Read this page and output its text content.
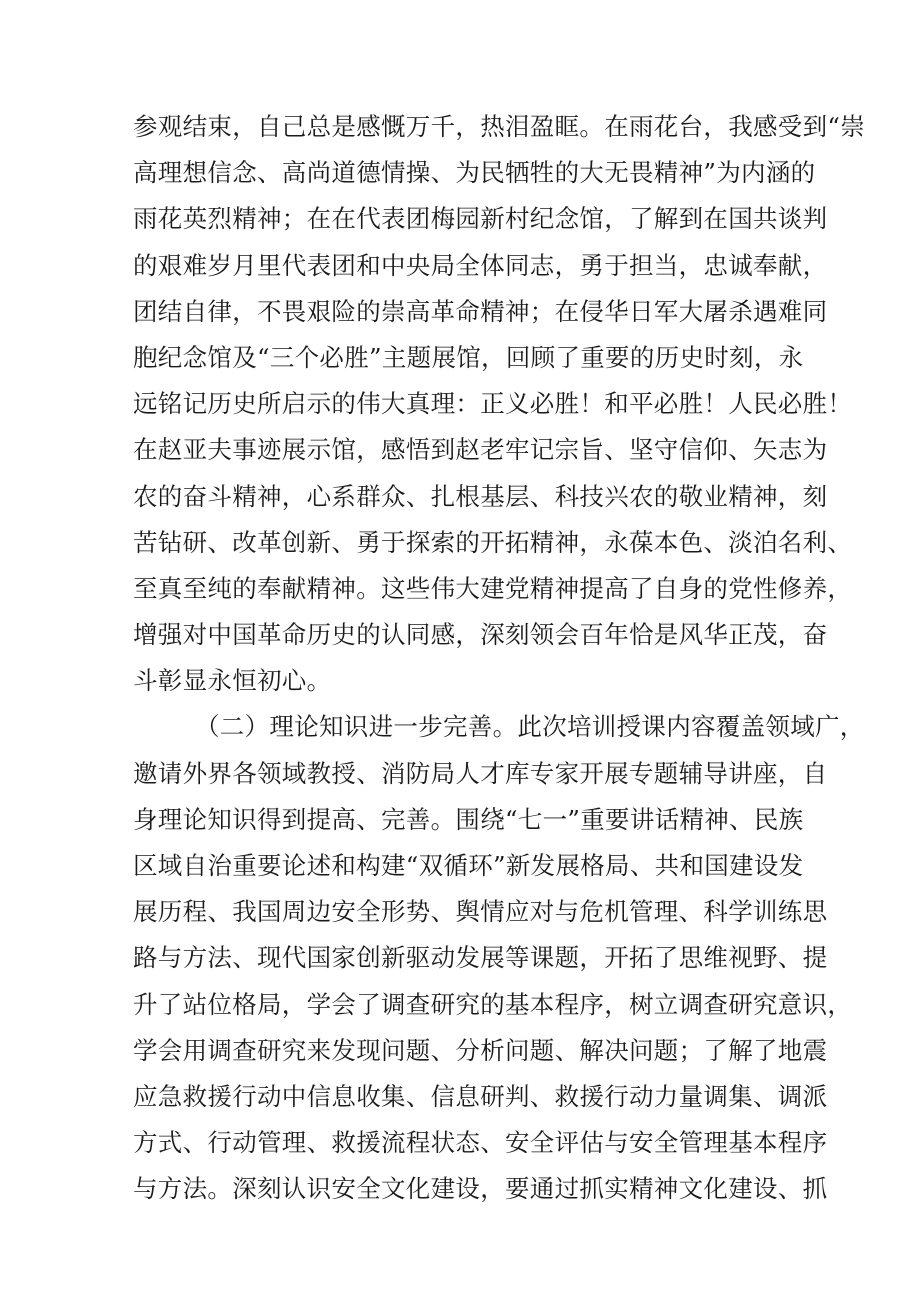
参观结束，自己总是感慨万千，热泪盈眶。在雨花台，我感受到“崇
高理想信念、高尚道德情操、为民牺牲的大无畏精神”为内涵的
雨花英烈精神；在在代表团梅园新村纪念馆，了解到在国共谈判
的艰难岁月里代表团和中央局全体同志，勇于担当，忠诚奉献，
团结自律，不畏艰险的崇高革命精神；在侵华日军大屠杀遇难同
胞纪念馆及“三个必胜”主题展馆，回顾了重要的历史时刻，永
远铭记历史所启示的伟大真理：正义必胜！和平必胜！人民必胜！
在赵亚夫事迹展示馆，感悟到赵老牢记宗旨、坚守信仰、矢志为
农的奋斗精神，心系群众、扎根基层、科技兴农的敬业精神，刻
苦钻研、改革创新、勇于探索的开拓精神，永葆本色、淡泊名利、
至真至纯的奉献精神。这些伟大建党精神提高了自身的党性修养，
增强对中国革命历史的认同感，深刻领会百年恰是风华正茂，奋
斗彰显永恒初心。
（二）理论知识进一步完善。此次培训授课内容覆盖领域广，
邀请外界各领域教授、消防局人才库专家开展专题辅导讲座，自
身理论知识得到提高、完善。围绕“七一”重要讲话精神、民族
区域自治重要论述和构建“双循环”新发展格局、共和国建设发
展历程、我国周边安全形势、舆情应对与危机管理、科学训练思
路与方法、现代国家创新驱动发展等课题，开拓了思维视野、提
升了站位格局，学会了调查研究的基本程序，树立调查研究意识，
学会用调查研究来发现问题、分析问题、解决问题；了解了地震
应急救援行动中信息收集、信息研判、救援行动力量调集、调派
方式、行动管理、救援流程状态、安全评估与安全管理基本程序
与方法。深刻认识安全文化建设，要通过抓实精神文化建设、抓
